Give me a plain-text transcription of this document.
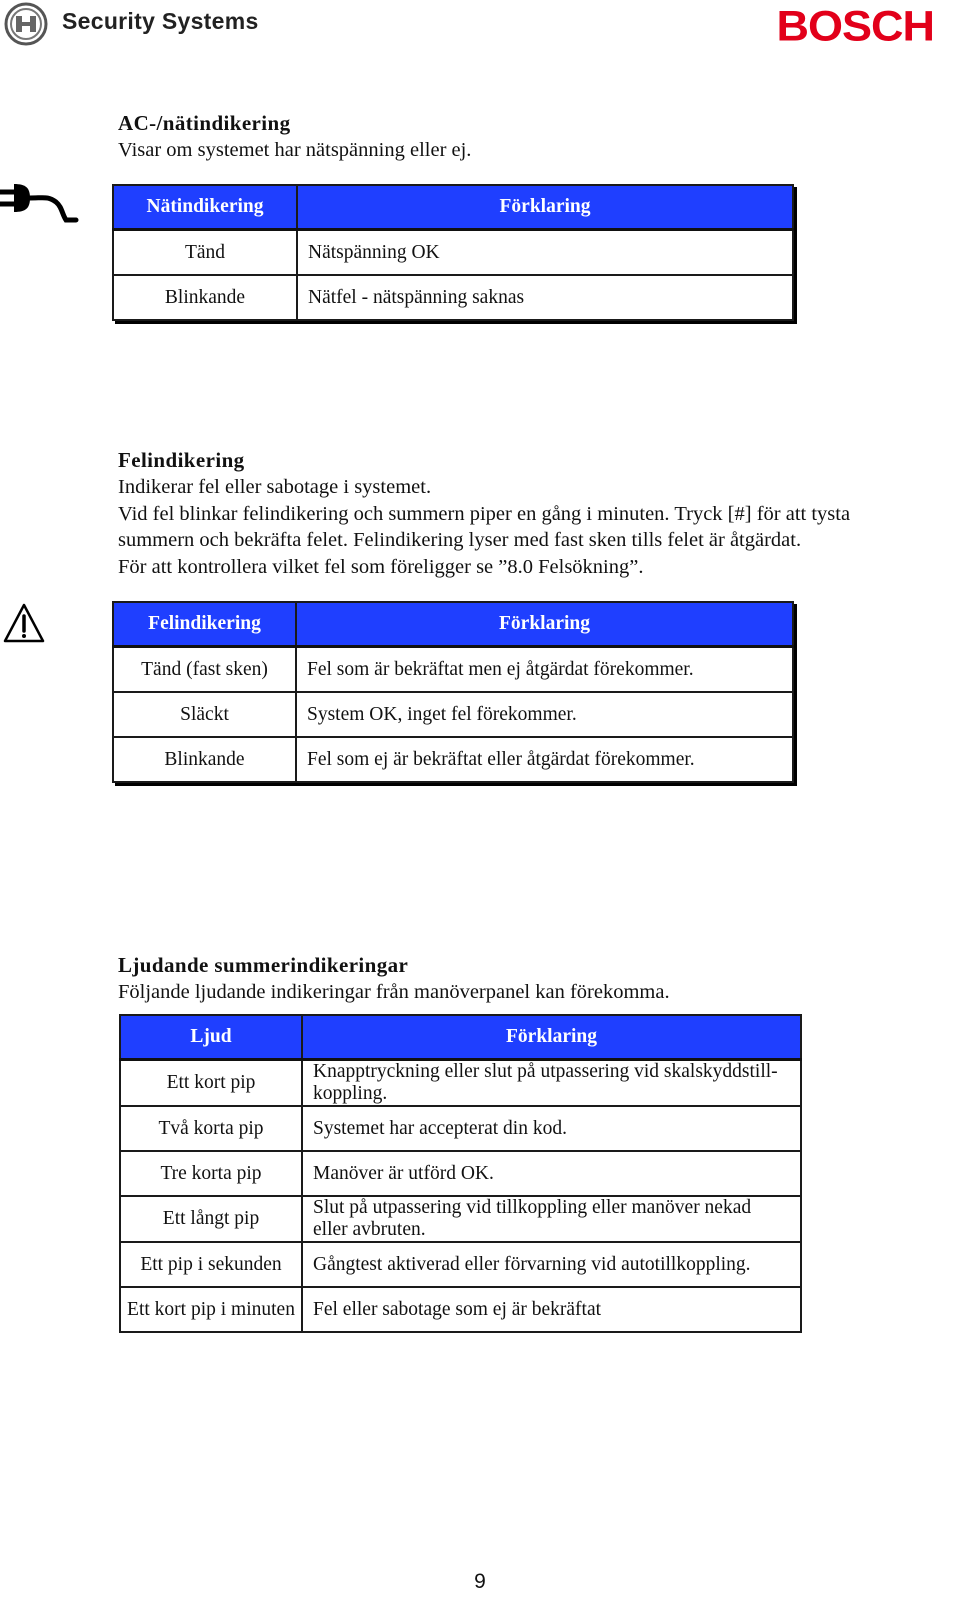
Security Systems	BOSCH
AC-/nätindikering
Visar om systemet har nätspänning eller ej.
Nätindikering	Förklaring
Tänd	Nätspänning OK
Blinkande	Nätfel - nätspänning saknas
Felindikering
Indikerar fel eller sabotage i systemet.
Vid fel blinkar felindikering och summern piper en gång i minuten. Tryck [#] för att tysta
summern och bekräfta felet. Felindikering lyser med fast sken tills felet är åtgärdat.
För att kontrollera vilket fel som föreligger se ”8.0 Felsökning”.
Felindikering	Förklaring
Tänd (fast sken)	Fel som är bekräftat men ej åtgärdat förekommer.
Släckt	System OK, inget fel förekommer.
Blinkande	Fel som ej är bekräftat eller åtgärdat förekommer.
Ljudande summerindikeringar
Följande ljudande indikeringar från manöverpanel kan förekomma.
Ljud	Förklaring
Ett kort pip	Knapptryckning eller slut på utpassering vid skalskyddstill-koppling.
Två korta pip	Systemet har accepterat din kod.
Tre korta pip	Manöver är utförd OK.
Ett långt pip	Slut på utpassering vid tillkoppling eller manöver nekad eller avbruten.
Ett pip i sekunden	Gångtest aktiverad eller förvarning vid autotillkoppling.
Ett kort pip i minuten	Fel eller sabotage som ej är bekräftat
9
